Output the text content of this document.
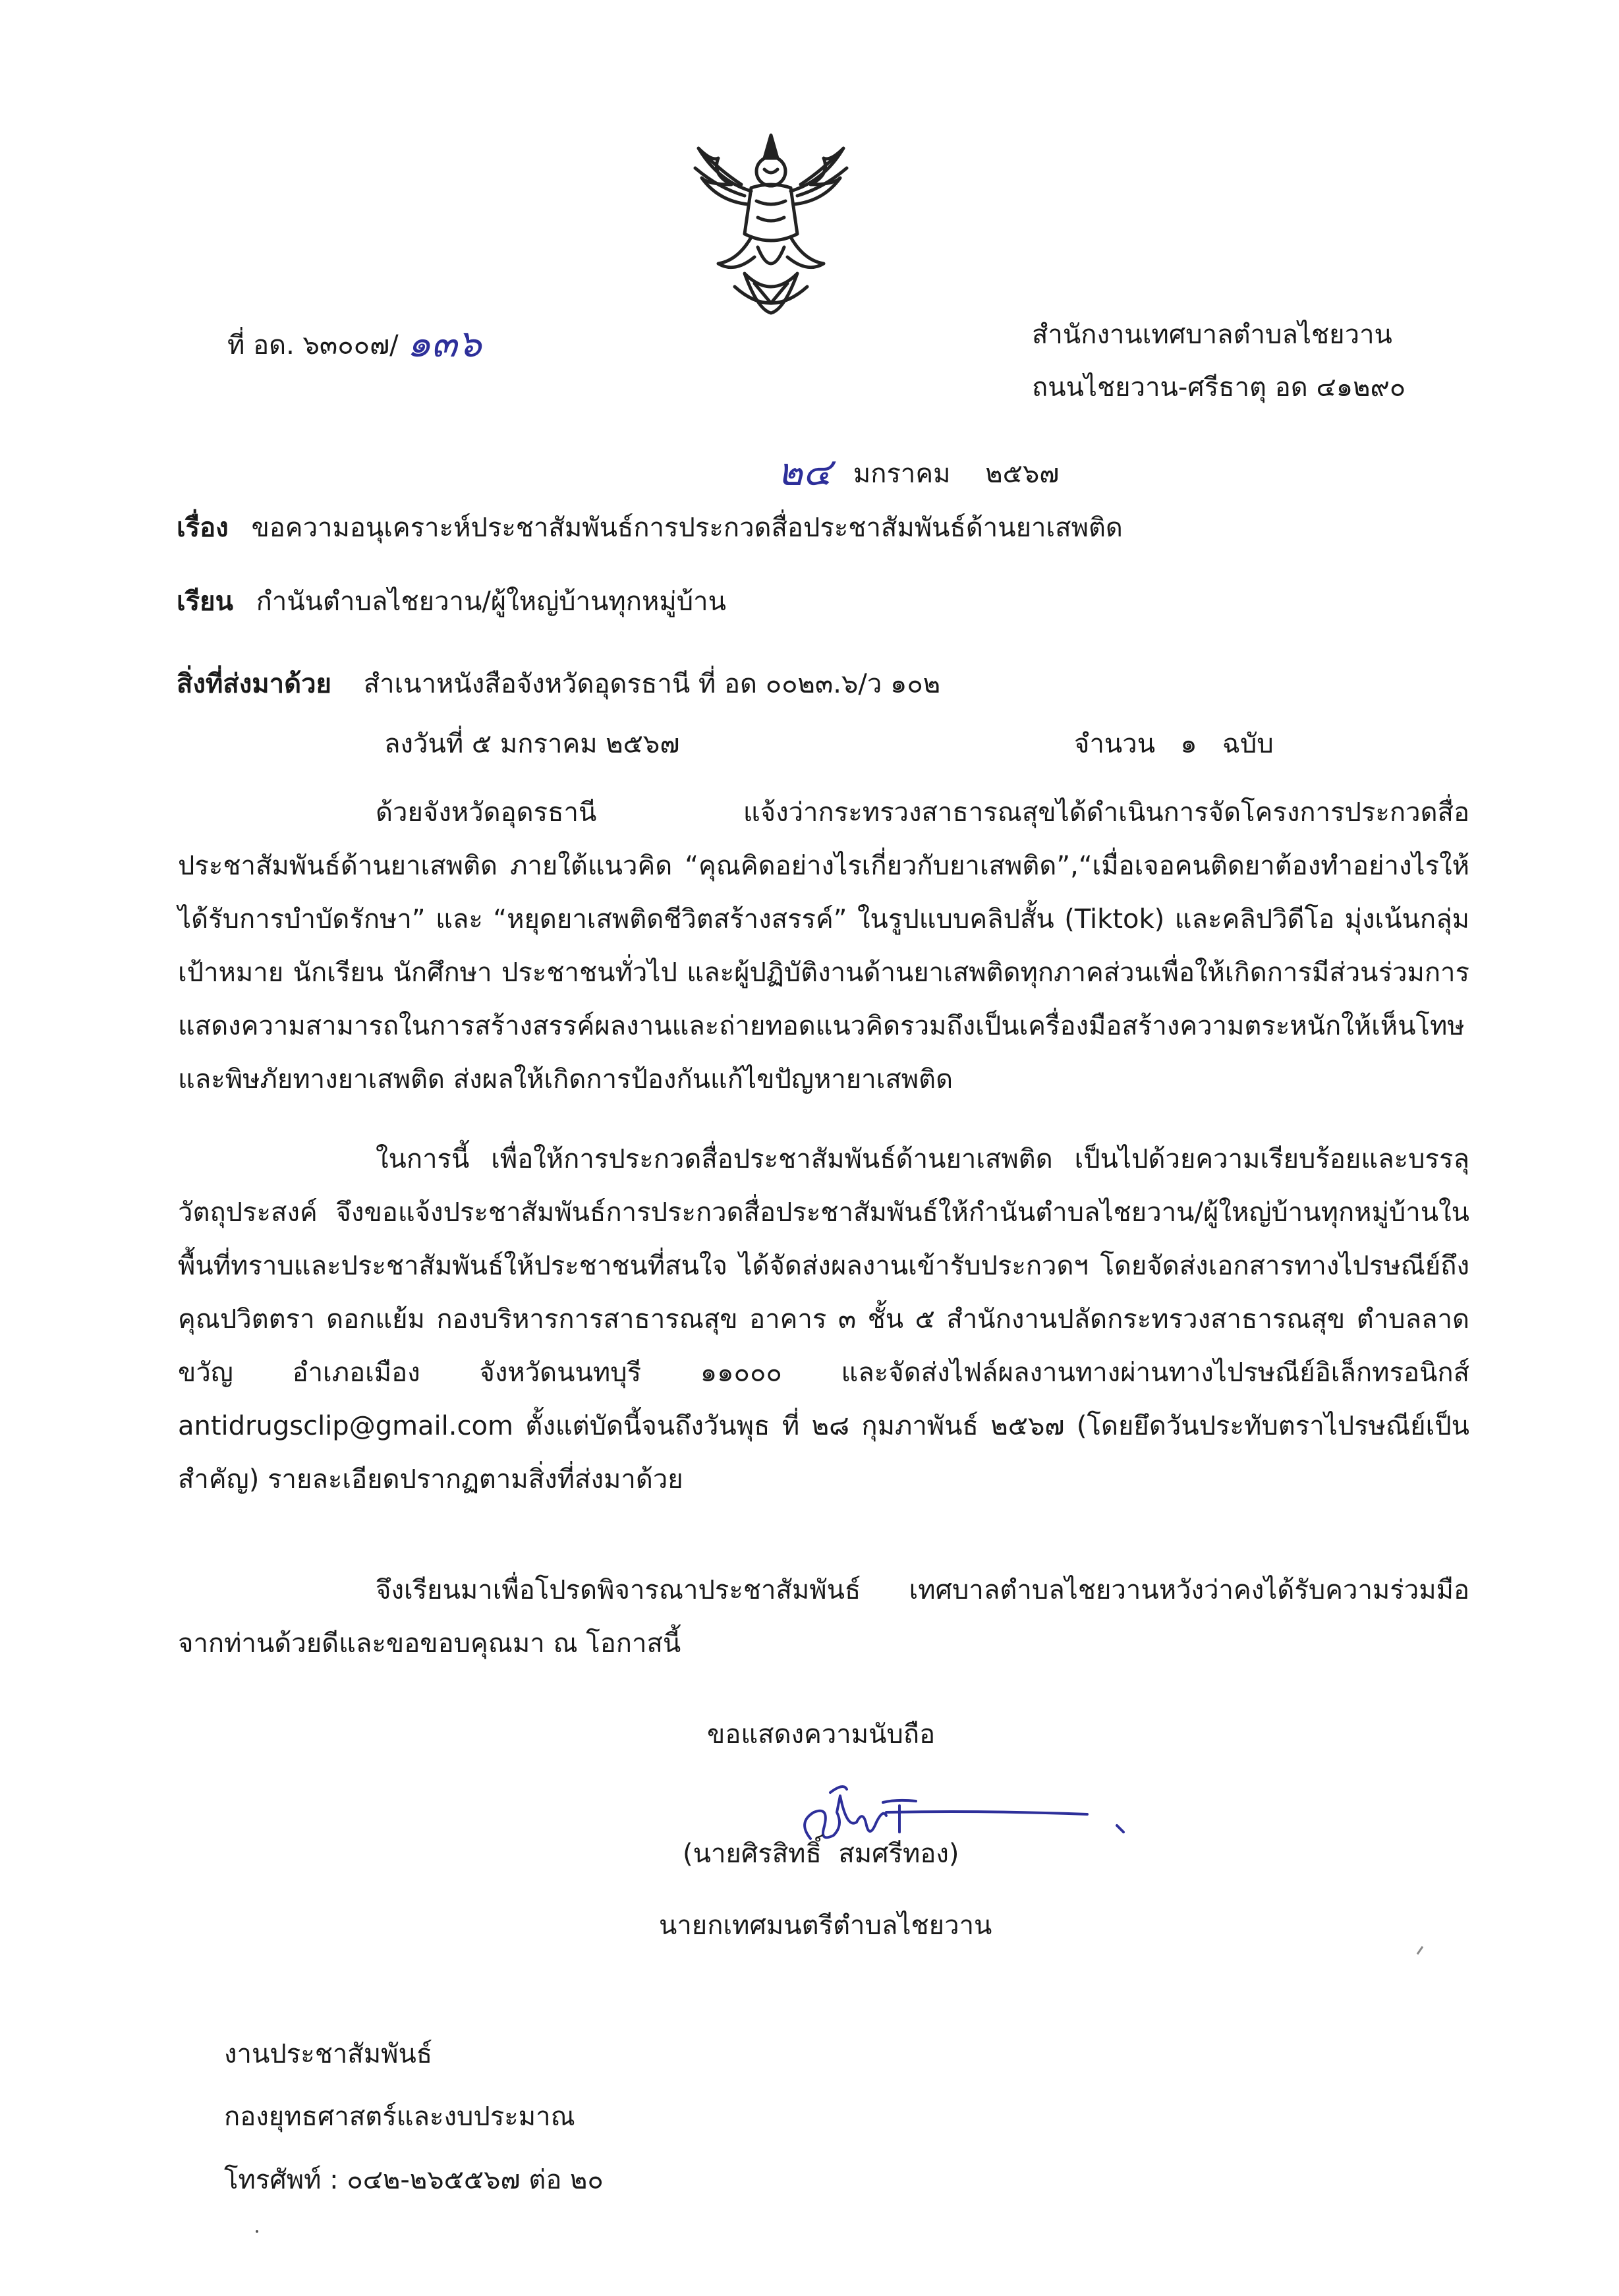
ที่ อด. ๖๓๐๐๗/ ๑๓๖	สำนักงานเทศบาลตำบลไชยวาน
ถนนไชยวาน-ศรีธาตุ อด ๔๑๒๙๐
๒๔ มกราคม ๒๕๖๗
เรื่อง ขอความอนุเคราะห์ประชาสัมพันธ์การประกวดสื่อประชาสัมพันธ์ด้านยาเสพติด
เรียน กำนันตำบลไชยวาน/ผู้ใหญ่บ้านทุกหมู่บ้าน
สิ่งที่ส่งมาด้วย สำเนาหนังสือจังหวัดอุดรธานี ที่ อด ๐๐๒๓.๖/ว ๑๐๒
ลงวันที่ ๕ มกราคม ๒๕๖๗	จำนวน   ๑   ฉบับ
ด้วยจังหวัดอุดรธานี แจ้งว่ากระทรวงสาธารณสุขได้ดำเนินการจัดโครงการประกวดสื่อประชาสัมพันธ์ด้านยาเสพติด ภายใต้แนวคิด “คุณคิดอย่างไรเกี่ยวกับยาเสพติด”,“เมื่อเจอคนติดยาต้องทำอย่างไรให้ได้รับการบำบัดรักษา” และ “หยุดยาเสพติดชีวิตสร้างสรรค์” ในรูปแบบคลิปสั้น (Tiktok) และคลิปวิดีโอ มุ่งเน้นกลุ่มเป้าหมาย นักเรียน นักศึกษา ประชาชนทั่วไป และผู้ปฏิบัติงานด้านยาเสพติดทุกภาคส่วนเพื่อให้เกิดการมีส่วนร่วมการแสดงความสามารถในการสร้างสรรค์ผลงานและถ่ายทอดแนวคิดรวมถึงเป็นเครื่องมือสร้างความตระหนักให้เห็นโทษและพิษภัยทางยาเสพติด ส่งผลให้เกิดการป้องกันแก้ไขปัญหายาเสพติด
ในการนี้ เพื่อให้การประกวดสื่อประชาสัมพันธ์ด้านยาเสพติด เป็นไปด้วยความเรียบร้อยและบรรลุวัตถุประสงค์ จึงขอแจ้งประชาสัมพันธ์การประกวดสื่อประชาสัมพันธ์ให้กำนันตำบลไชยวาน/ผู้ใหญ่บ้านทุกหมู่บ้านในพื้นที่ทราบและประชาสัมพันธ์ให้ประชาชนที่สนใจ ได้จัดส่งผลงานเข้ารับประกวดฯ โดยจัดส่งเอกสารทางไปรษณีย์ถึงคุณปวิตตรา ดอกแย้ม กองบริหารการสาธารณสุข อาคาร ๓ ชั้น ๕ สำนักงานปลัดกระทรวงสาธารณสุข ตำบลลาดขวัญ อำเภอเมือง จังหวัดนนทบุรี ๑๑๐๐๐ และจัดส่งไฟล์ผลงานทางผ่านทางไปรษณีย์อิเล็กทรอนิกส์ antidrugsclip@gmail.com ตั้งแต่บัดนี้จนถึงวันพุธ ที่ ๒๘ กุมภาพันธ์ ๒๕๖๗ (โดยยึดวันประทับตราไปรษณีย์เป็นสำคัญ) รายละเอียดปรากฏตามสิ่งที่ส่งมาด้วย
จึงเรียนมาเพื่อโปรดพิจารณาประชาสัมพันธ์ เทศบาลตำบลไชยวานหวังว่าคงได้รับความร่วมมือจากท่านด้วยดีและขอขอบคุณมา ณ โอกาสนี้
ขอแสดงความนับถือ
(นายศิรสิทธิ์  สมศรีทอง)
นายกเทศมนตรีตำบลไชยวาน
งานประชาสัมพันธ์
กองยุทธศาสตร์และงบประมาณ
โทรศัพท์ : ๐๔๒-๒๖๕๕๖๗ ต่อ ๒๐
